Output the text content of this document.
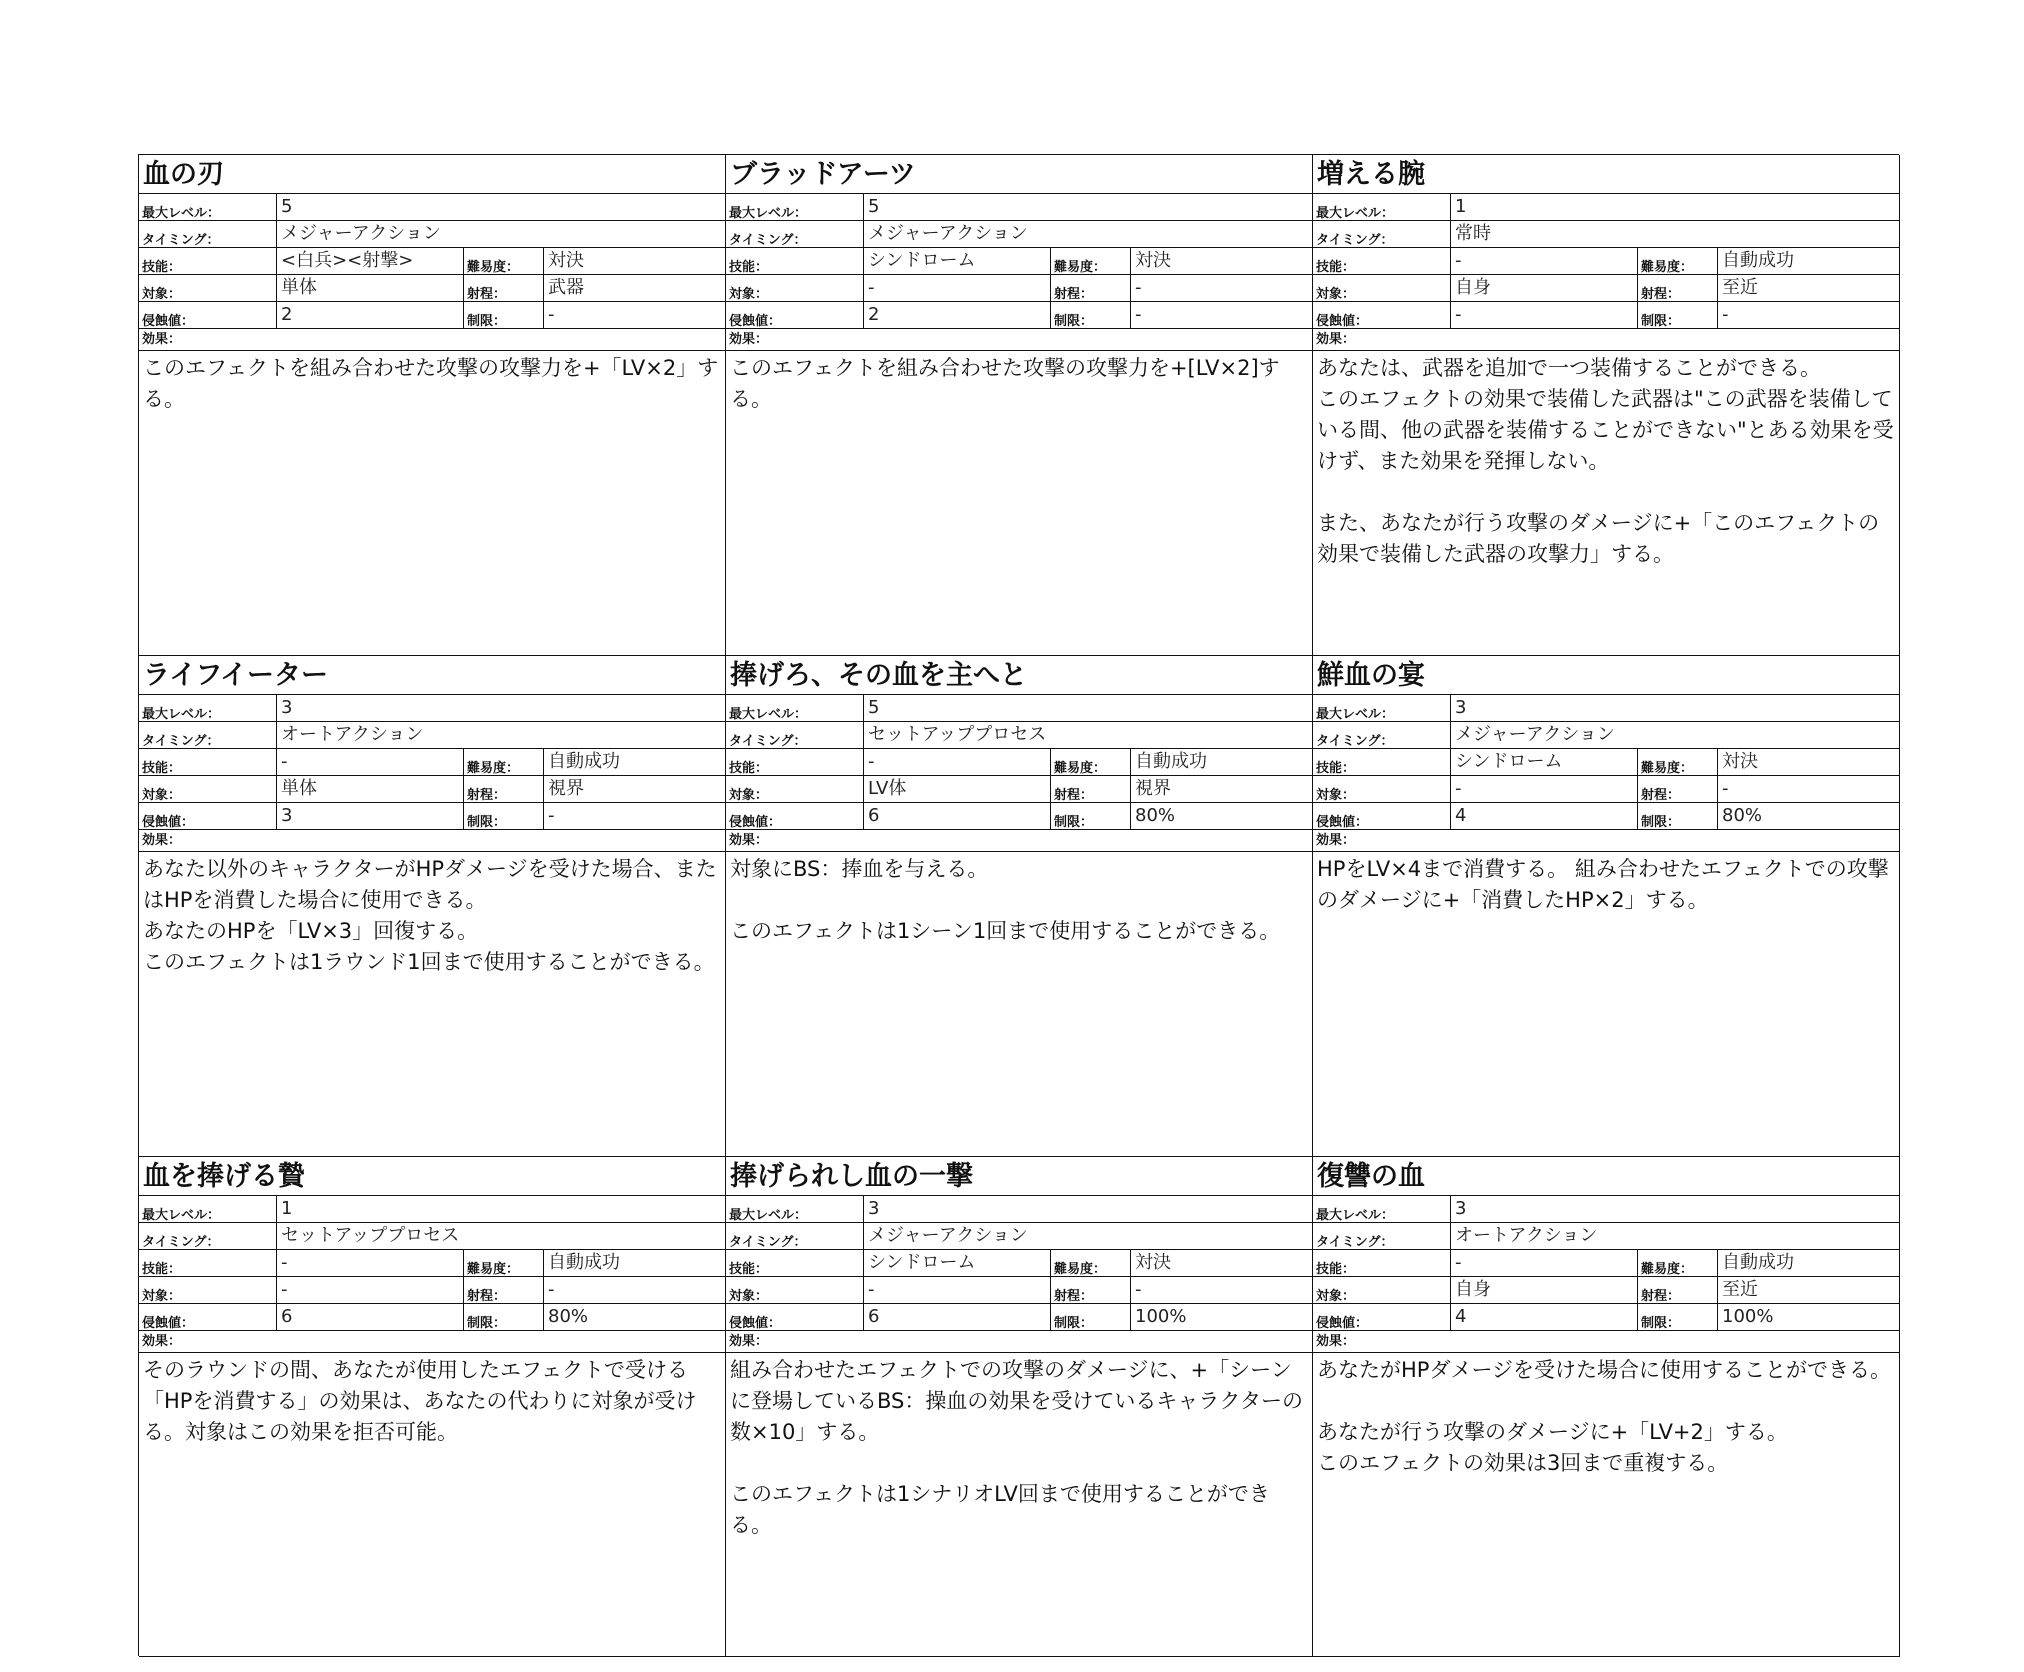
血の刃
最大レベル：	5
タイミング：	メジャーアクション
技能：	<白兵><射撃>	難易度：	対決
対象：	単体	射程：	武器
侵蝕値：	2	制限：	-
効果：
このエフェクトを組み合わせた攻撃の攻撃力を+「LV×2」する。
ブラッドアーツ
最大レベル：	5
タイミング：	メジャーアクション
技能：	シンドローム	難易度：	対決
対象：	-	射程：	-
侵蝕値：	2	制限：	-
効果：
このエフェクトを組み合わせた攻撃の攻撃力を+[LV×2]する。
増える腕
最大レベル：	1
タイミング：	常時
技能：	-	難易度：	自動成功
対象：	自身	射程：	至近
侵蝕値：	-	制限：	-
効果：
あなたは、武器を追加で一つ装備することができる。
このエフェクトの効果で装備した武器は"この武器を装備している間、他の武器を装備することができない"とある効果を受けず、また効果を発揮しない。

また、あなたが行う攻撃のダメージに+「このエフェクトの効果で装備した武器の攻撃力」する。
ライフイーター
最大レベル：	3
タイミング：	オートアクション
技能：	-	難易度：	自動成功
対象：	単体	射程：	視界
侵蝕値：	3	制限：	-
効果：
あなた以外のキャラクターがHPダメージを受けた場合、またはHPを消費した場合に使用できる。
あなたのHPを「LV×3」回復する。
このエフェクトは1ラウンド1回まで使用することができる。
捧げろ、その血を主へと
最大レベル：	5
タイミング：	セットアッププロセス
技能：	-	難易度：	自動成功
対象：	LV体	射程：	視界
侵蝕値：	6	制限：	80%
効果：
対象にBS：捧血を与える。

このエフェクトは1シーン1回まで使用することができる。
鮮血の宴
最大レベル：	3
タイミング：	メジャーアクション
技能：	シンドローム	難易度：	対決
対象：	-	射程：	-
侵蝕値：	4	制限：	80%
効果：
HPをLV×4まで消費する。 組み合わせたエフェクトでの攻撃のダメージに+「消費したHP×2」する。
血を捧げる贄
最大レベル：	1
タイミング：	セットアッププロセス
技能：	-	難易度：	自動成功
対象：	-	射程：	-
侵蝕値：	6	制限：	80%
効果：
そのラウンドの間、あなたが使用したエフェクトで受ける「HPを消費する」の効果は、あなたの代わりに対象が受ける。対象はこの効果を拒否可能。
捧げられし血の一撃
最大レベル：	3
タイミング：	メジャーアクション
技能：	シンドローム	難易度：	対決
対象：	-	射程：	-
侵蝕値：	6	制限：	100%
効果：
組み合わせたエフェクトでの攻撃のダメージに、+「シーンに登場しているBS：操血の効果を受けているキャラクターの数×10」する。

このエフェクトは1シナリオLV回まで使用することができる。
復讐の血
最大レベル：	3
タイミング：	オートアクション
技能：	-	難易度：	自動成功
対象：	自身	射程：	至近
侵蝕値：	4	制限：	100%
効果：
あなたがHPダメージを受けた場合に使用することができる。

あなたが行う攻撃のダメージに+「LV+2」する。
このエフェクトの効果は3回まで重複する。
